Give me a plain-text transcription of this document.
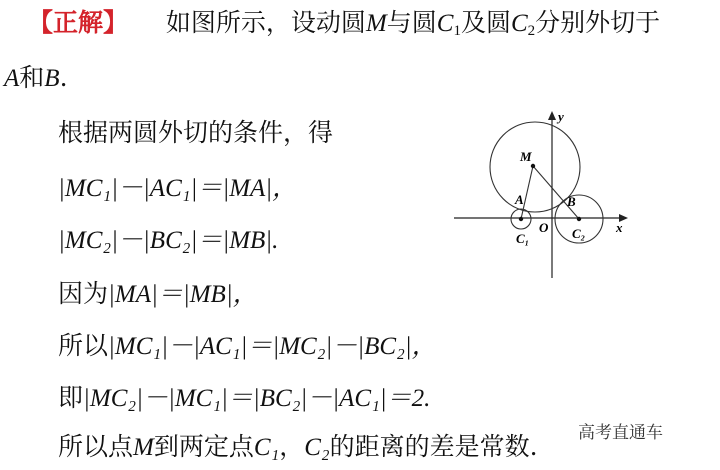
【正解】 如图所示，设动圆M与圆$C_1$及圆$C_2$分别外切于
A和B.
根据两圆外切的条件，得
|MC₁|－|AC₁|＝|MA|，
|MC₂|－|BC₂|＝|MB|.
因为|MA|＝|MB|，
所以|MC₁|－|AC₁|＝|MC₂|－|BC₂|，
即|MC₂|－|MC₁|＝|BC₂|－|AC₁|＝2.
所以点M到两定点C₁，C₂的距离的差是常数.
y
x
M
A	B
O
C₁	C₂
高考直通车
